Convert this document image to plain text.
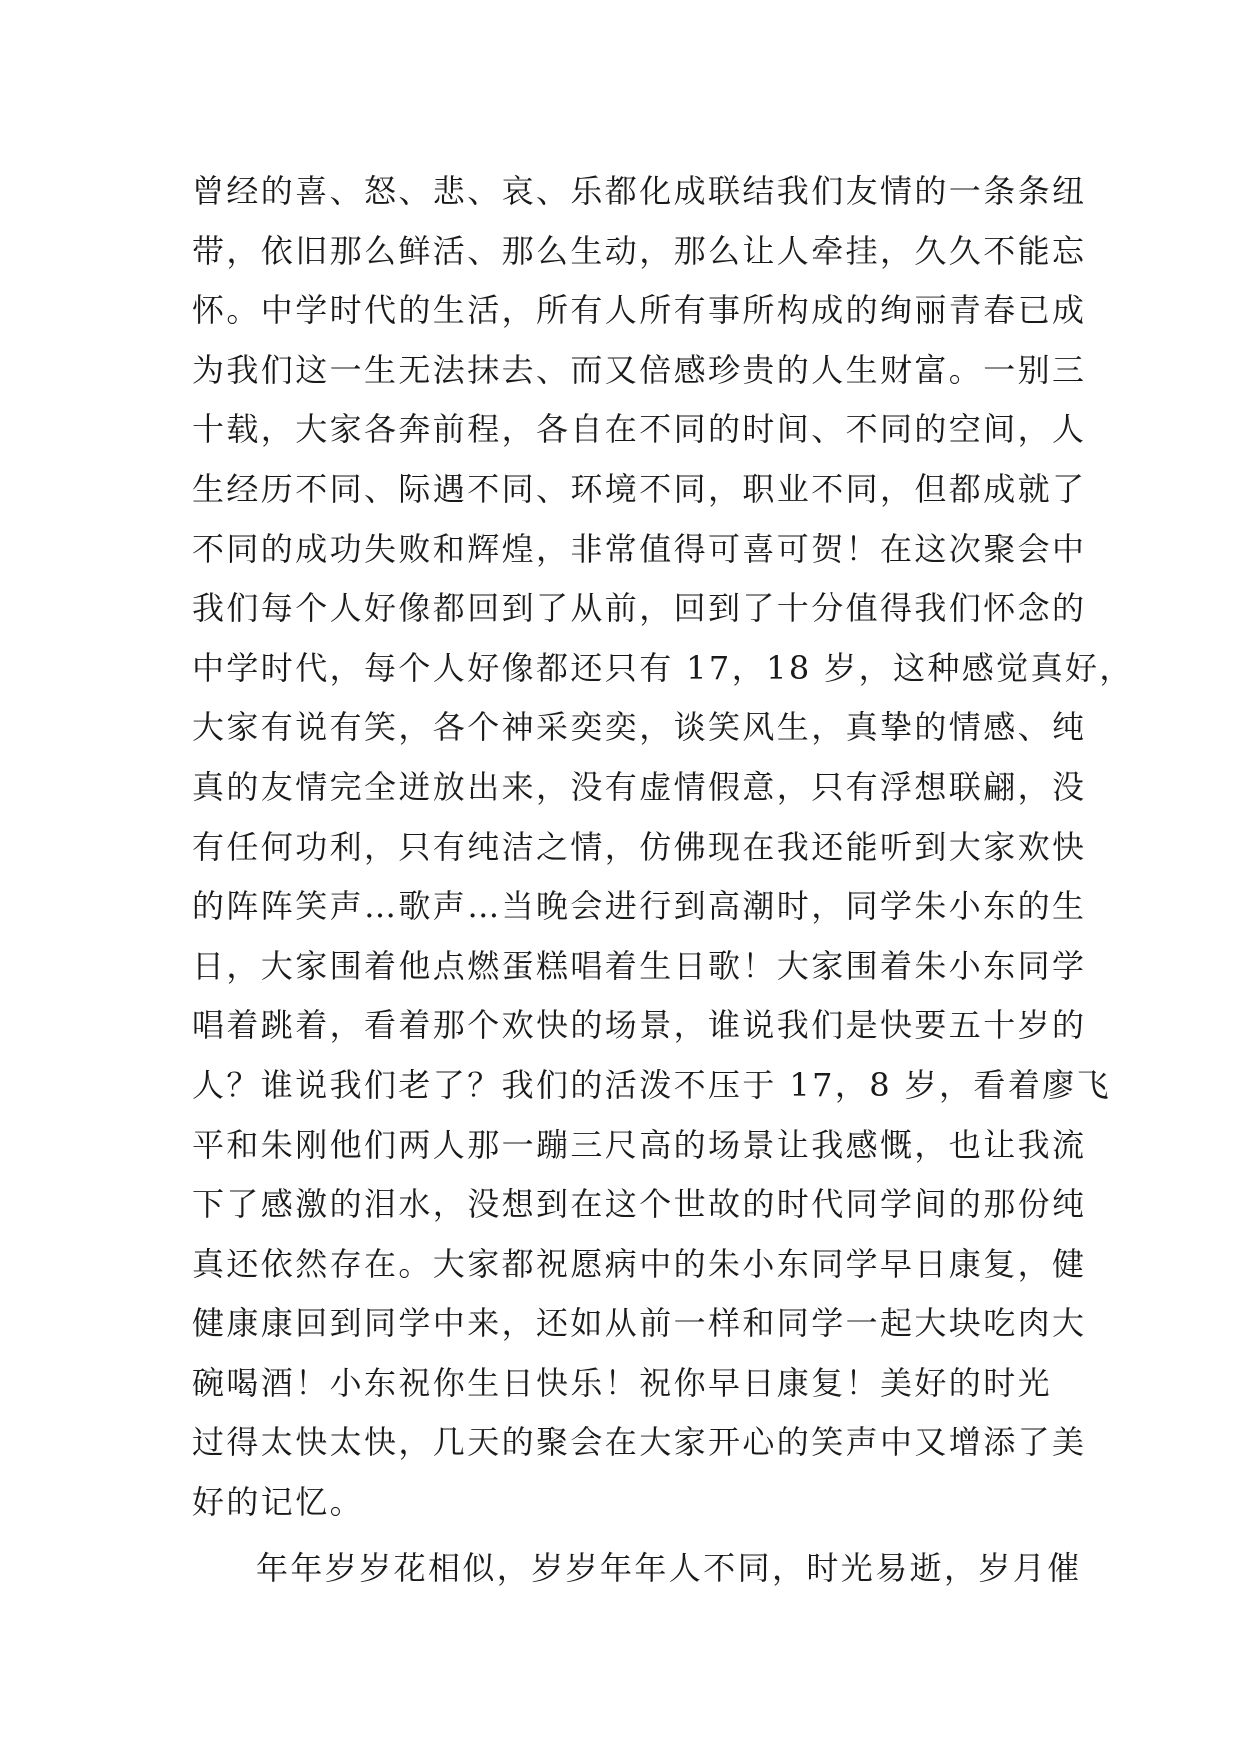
曾经的喜、怒、悲、哀、乐都化成联结我们友情的一条条纽
带，依旧那么鲜活、那么生动，那么让人牵挂，久久不能忘
怀。中学时代的生活，所有人所有事所构成的绚丽青春已成
为我们这一生无法抹去、而又倍感珍贵的人生财富。一别三
十载，大家各奔前程，各自在不同的时间、不同的空间，人
生经历不同、际遇不同、环境不同，职业不同，但都成就了
不同的成功失败和辉煌，非常值得可喜可贺！在这次聚会中
我们每个人好像都回到了从前，回到了十分值得我们怀念的
中学时代，每个人好像都还只有 17，18 岁，这种感觉真好，
大家有说有笑，各个神采奕奕，谈笑风生，真挚的情感、纯
真的友情完全迸放出来，没有虚情假意，只有浮想联翩，没
有任何功利，只有纯洁之情，仿佛现在我还能听到大家欢快
的阵阵笑声…歌声…当晚会进行到高潮时，同学朱小东的生
日，大家围着他点燃蛋糕唱着生日歌！大家围着朱小东同学
唱着跳着，看着那个欢快的场景，谁说我们是快要五十岁的
人？谁说我们老了？我们的活泼不压于 17，8 岁，看着廖飞
平和朱刚他们两人那一蹦三尺高的场景让我感慨，也让我流
下了感激的泪水，没想到在这个世故的时代同学间的那份纯
真还依然存在。大家都祝愿病中的朱小东同学早日康复，健
健康康回到同学中来，还如从前一样和同学一起大块吃肉大
碗喝酒！小东祝你生日快乐！祝你早日康复！美好的时光
过得太快太快，几天的聚会在大家开心的笑声中又增添了美
好的记忆。
年年岁岁花相似，岁岁年年人不同，时光易逝，岁月催
